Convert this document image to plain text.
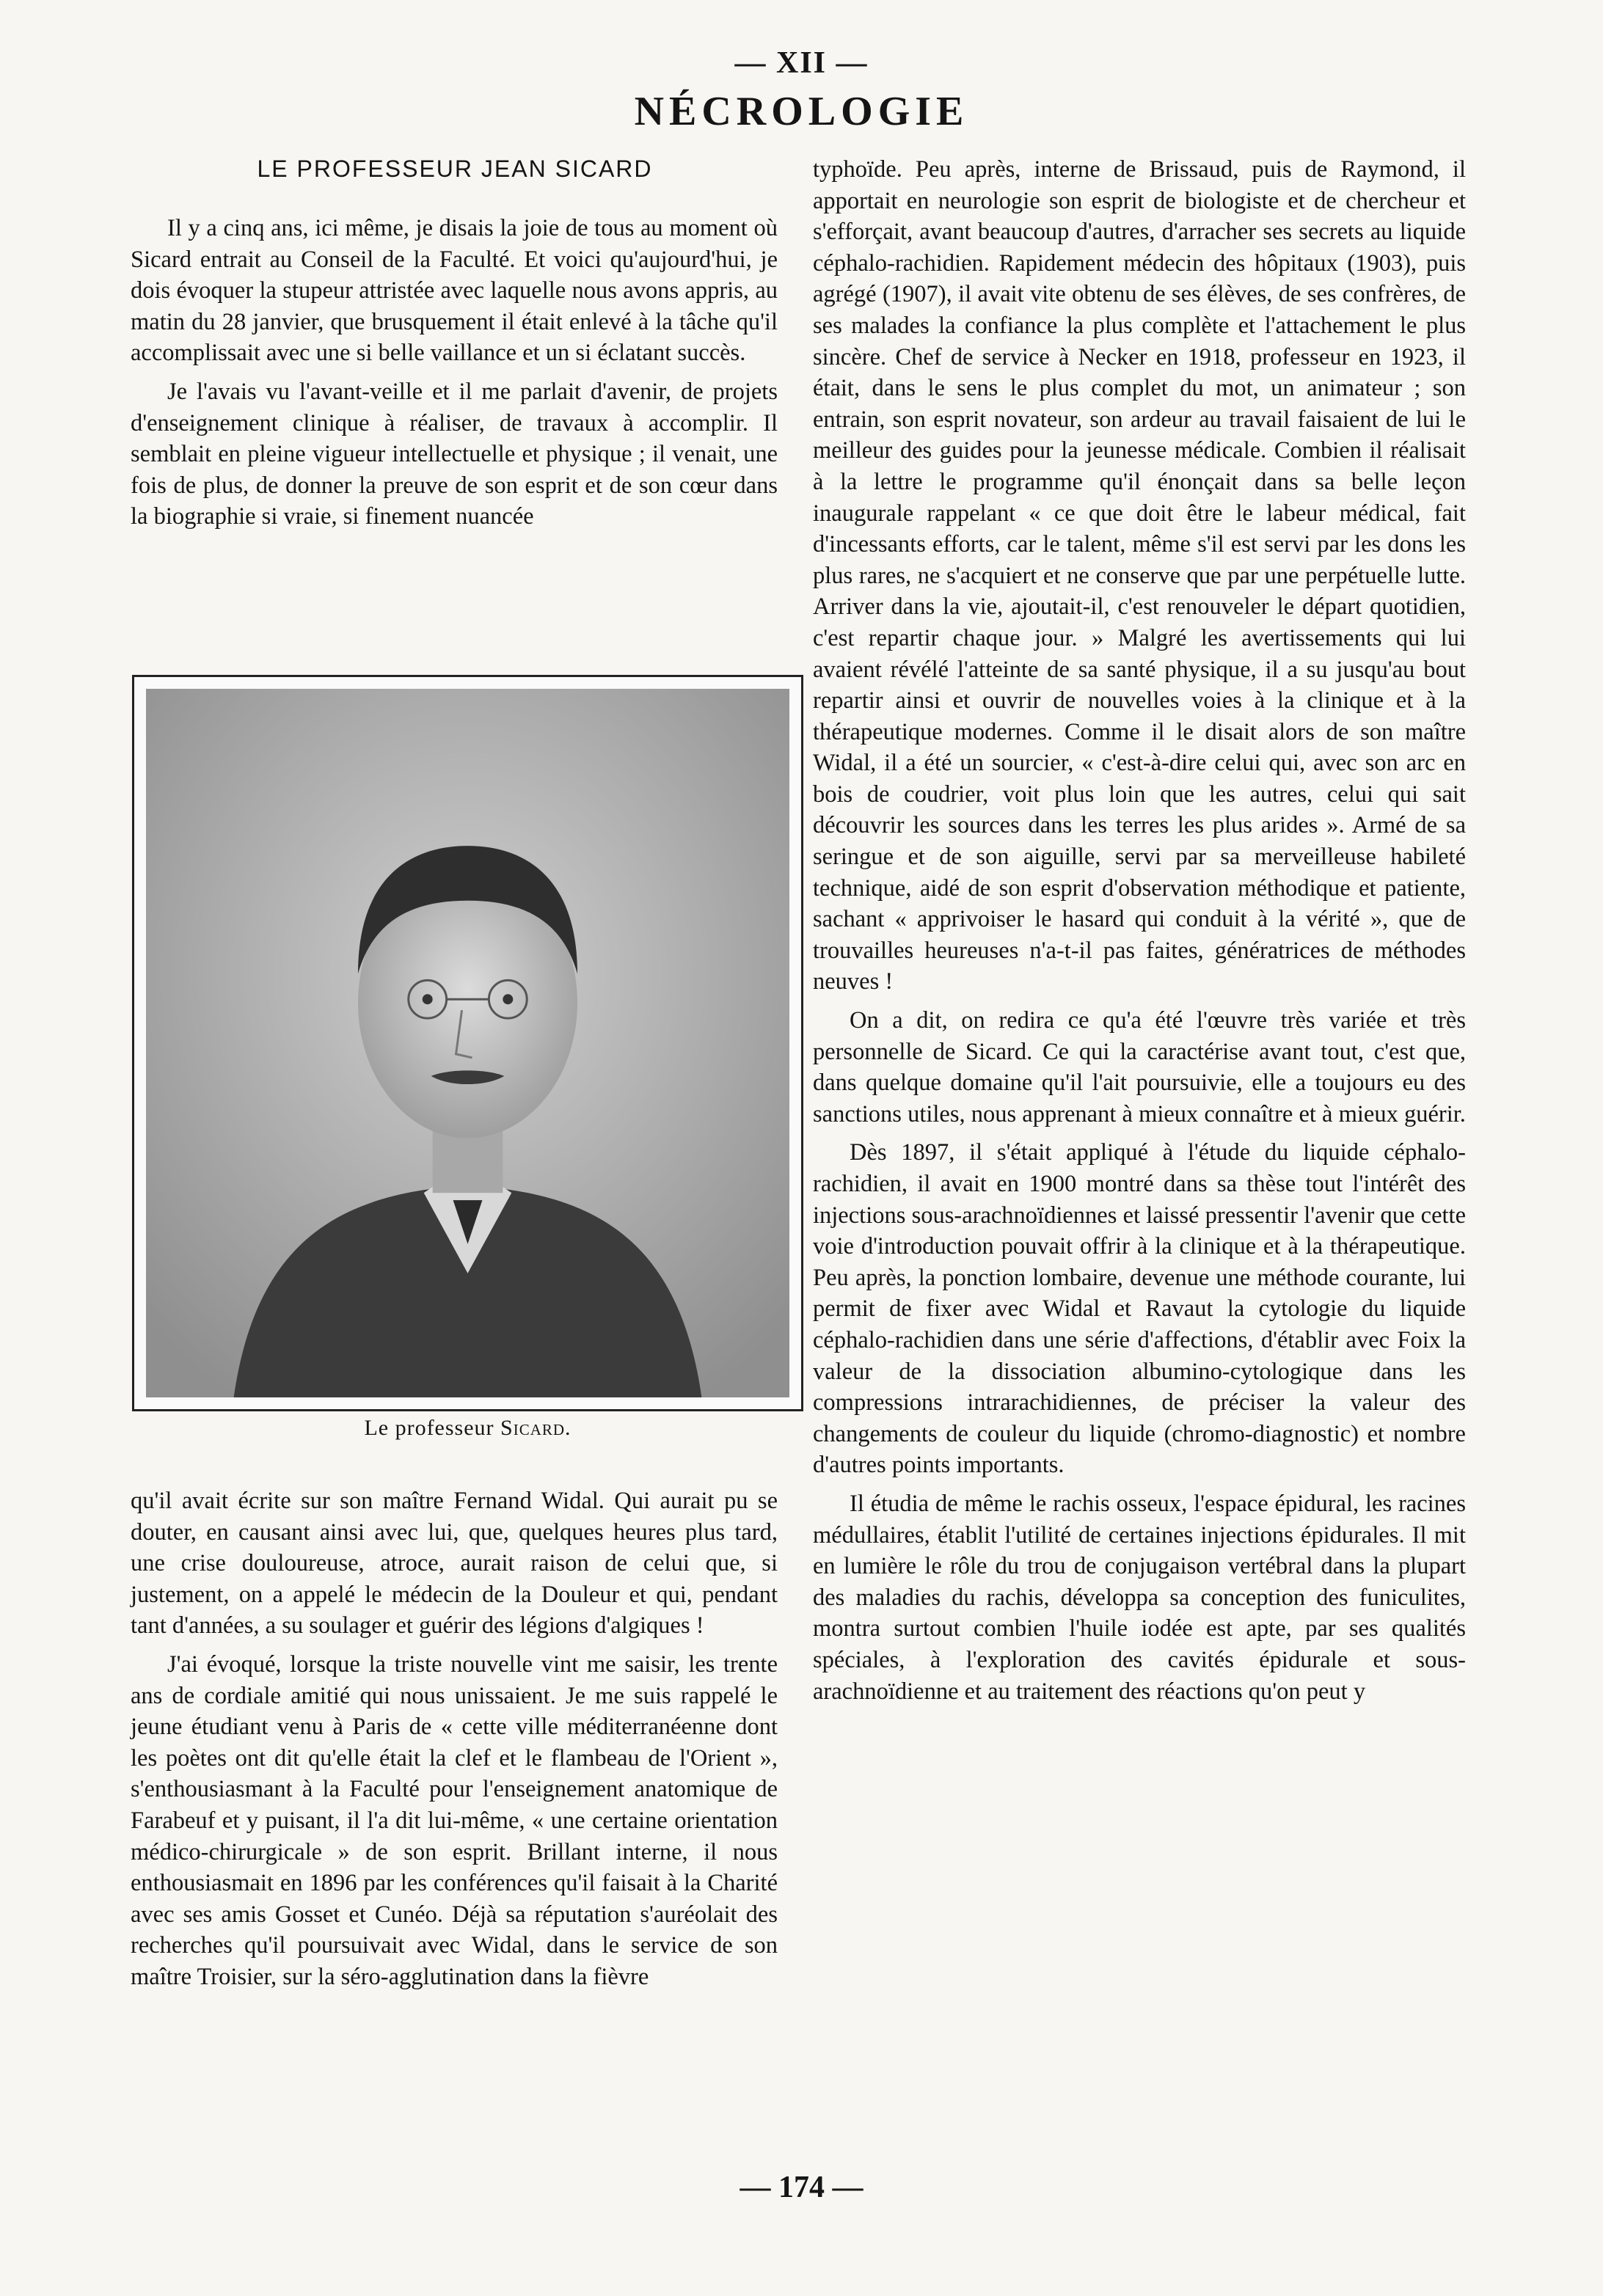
— XII —
NÉCROLOGIE
LE PROFESSEUR JEAN SICARD

Il y a cinq ans, ici même, je disais la joie de tous au moment où Sicard entrait au Conseil de la Faculté. Et voici qu'aujourd'hui, je dois évoquer la stupeur attristée avec laquelle nous avons appris, au matin du 28 janvier, que brusquement il était enlevé à la tâche qu'il accomplissait avec une si belle vaillance et un si éclatant succès.

Je l'avais vu l'avant-veille et il me parlait d'avenir, de projets d'enseignement clinique à réaliser, de travaux à accomplir. Il semblait en pleine vigueur intellectuelle et physique ; il venait, une fois de plus, de donner la preuve de son esprit et de son cœur dans la biographie si vraie, si finement nuancée

Le professeur Sicard.

qu'il avait écrite sur son maître Fernand Widal. Qui aurait pu se douter, en causant ainsi avec lui, que, quelques heures plus tard, une crise douloureuse, atroce, aurait raison de celui que, si justement, on a appelé le médecin de la Douleur et qui, pendant tant d'années, a su soulager et guérir des légions d'algiques !

J'ai évoqué, lorsque la triste nouvelle vint me saisir, les trente ans de cordiale amitié qui nous unissaient. Je me suis rappelé le jeune étudiant venu à Paris de « cette ville méditerranéenne dont les poètes ont dit qu'elle était la clef et le flambeau de l'Orient », s'enthousiasmant à la Faculté pour l'enseignement anatomique de Farabeuf et y puisant, il l'a dit lui-même, « une certaine orientation médico-chirurgicale » de son esprit. Brillant interne, il nous enthousiasmait en 1896 par les conférences qu'il faisait à la Charité avec ses amis Gosset et Cunéo. Déjà sa réputation s'auréolait des recherches qu'il poursuivait avec Widal, dans le service de son maître Troisier, sur la séro-agglutination dans la fièvre

typhoïde. Peu après, interne de Brissaud, puis de Raymond, il apportait en neurologie son esprit de biologiste et de chercheur et s'efforçait, avant beaucoup d'autres, d'arracher ses secrets au liquide céphalo-rachidien. Rapidement médecin des hôpitaux (1903), puis agrégé (1907), il avait vite obtenu de ses élèves, de ses confrères, de ses malades la confiance la plus complète et l'attachement le plus sincère. Chef de service à Necker en 1918, professeur en 1923, il était, dans le sens le plus complet du mot, un animateur ; son entrain, son esprit novateur, son ardeur au travail faisaient de lui le meilleur des guides pour la jeunesse médicale. Combien il réalisait à la lettre le programme qu'il énonçait dans sa belle leçon inaugurale rappelant « ce que doit être le labeur médical, fait d'incessants efforts, car le talent, même s'il est servi par les dons les plus rares, ne s'acquiert et ne conserve que par une perpétuelle lutte. Arriver dans la vie, ajoutait-il, c'est renouveler le départ quotidien, c'est repartir chaque jour. » Malgré les avertissements qui lui avaient révélé l'atteinte de sa santé physique, il a su jusqu'au bout repartir ainsi et ouvrir de nouvelles voies à la clinique et à la thérapeutique modernes. Comme il le disait alors de son maître Widal, il a été un sourcier, « c'est-à-dire celui qui, avec son arc en bois de coudrier, voit plus loin que les autres, celui qui sait découvrir les sources dans les terres les plus arides ». Armé de sa seringue et de son aiguille, servi par sa merveilleuse habileté technique, aidé de son esprit d'observation méthodique et patiente, sachant « apprivoiser le hasard qui conduit à la vérité », que de trouvailles heureuses n'a-t-il pas faites, génératrices de méthodes neuves !

On a dit, on redira ce qu'a été l'œuvre très variée et très personnelle de Sicard. Ce qui la caractérise avant tout, c'est que, dans quelque domaine qu'il l'ait poursuivie, elle a toujours eu des sanctions utiles, nous apprenant à mieux connaître et à mieux guérir.

Dès 1897, il s'était appliqué à l'étude du liquide céphalo-rachidien, il avait en 1900 montré dans sa thèse tout l'intérêt des injections sous-arachnoïdiennes et laissé pressentir l'avenir que cette voie d'introduction pouvait offrir à la clinique et à la thérapeutique. Peu après, la ponction lombaire, devenue une méthode courante, lui permit de fixer avec Widal et Ravaut la cytologie du liquide céphalo-rachidien dans une série d'affections, d'établir avec Foix la valeur de la dissociation albumino-cytologique dans les compressions intrarachidiennes, de préciser la valeur des changements de couleur du liquide (chromo-diagnostic) et nombre d'autres points importants.

Il étudia de même le rachis osseux, l'espace épidural, les racines médullaires, établit l'utilité de certaines injections épidurales. Il mit en lumière le rôle du trou de conjugaison vertébral dans la plupart des maladies du rachis, développa sa conception des funiculites, montra surtout combien l'huile iodée est apte, par ses qualités spéciales, à l'exploration des cavités épidurale et sous-arachnoïdienne et au traitement des réactions qu'on peut y

— 174 —
